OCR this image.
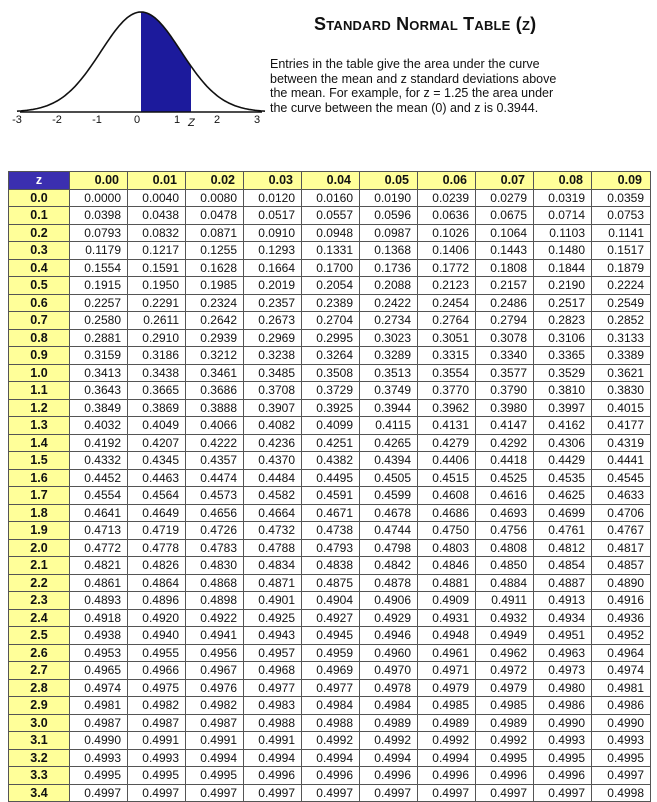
-3	-2	-1	0	1	2	3
Z
Standard Normal Table (z)

Entries in the table give the area under the curve

between the mean and z standard deviations above

the mean. For example, for z = 1.25 the area under

the curve between the mean (0) and z is 0.3944.

z	0.00	0.01	0.02	0.03	0.04	0.05	0.06	0.07	0.08	0.09
0.0	0.0000	0.0040	0.0080	0.0120	0.0160	0.0190	0.0239	0.0279	0.0319	0.0359
0.1	0.0398	0.0438	0.0478	0.0517	0.0557	0.0596	0.0636	0.0675	0.0714	0.0753
0.2	0.0793	0.0832	0.0871	0.0910	0.0948	0.0987	0.1026	0.1064	0.1103	0.1141
0.3	0.1179	0.1217	0.1255	0.1293	0.1331	0.1368	0.1406	0.1443	0.1480	0.1517
0.4	0.1554	0.1591	0.1628	0.1664	0.1700	0.1736	0.1772	0.1808	0.1844	0.1879
0.5	0.1915	0.1950	0.1985	0.2019	0.2054	0.2088	0.2123	0.2157	0.2190	0.2224
0.6	0.2257	0.2291	0.2324	0.2357	0.2389	0.2422	0.2454	0.2486	0.2517	0.2549
0.7	0.2580	0.2611	0.2642	0.2673	0.2704	0.2734	0.2764	0.2794	0.2823	0.2852
0.8	0.2881	0.2910	0.2939	0.2969	0.2995	0.3023	0.3051	0.3078	0.3106	0.3133
0.9	0.3159	0.3186	0.3212	0.3238	0.3264	0.3289	0.3315	0.3340	0.3365	0.3389
1.0	0.3413	0.3438	0.3461	0.3485	0.3508	0.3513	0.3554	0.3577	0.3529	0.3621
1.1	0.3643	0.3665	0.3686	0.3708	0.3729	0.3749	0.3770	0.3790	0.3810	0.3830
1.2	0.3849	0.3869	0.3888	0.3907	0.3925	0.3944	0.3962	0.3980	0.3997	0.4015
1.3	0.4032	0.4049	0.4066	0.4082	0.4099	0.4115	0.4131	0.4147	0.4162	0.4177
1.4	0.4192	0.4207	0.4222	0.4236	0.4251	0.4265	0.4279	0.4292	0.4306	0.4319
1.5	0.4332	0.4345	0.4357	0.4370	0.4382	0.4394	0.4406	0.4418	0.4429	0.4441
1.6	0.4452	0.4463	0.4474	0.4484	0.4495	0.4505	0.4515	0.4525	0.4535	0.4545
1.7	0.4554	0.4564	0.4573	0.4582	0.4591	0.4599	0.4608	0.4616	0.4625	0.4633
1.8	0.4641	0.4649	0.4656	0.4664	0.4671	0.4678	0.4686	0.4693	0.4699	0.4706
1.9	0.4713	0.4719	0.4726	0.4732	0.4738	0.4744	0.4750	0.4756	0.4761	0.4767
2.0	0.4772	0.4778	0.4783	0.4788	0.4793	0.4798	0.4803	0.4808	0.4812	0.4817
2.1	0.4821	0.4826	0.4830	0.4834	0.4838	0.4842	0.4846	0.4850	0.4854	0.4857
2.2	0.4861	0.4864	0.4868	0.4871	0.4875	0.4878	0.4881	0.4884	0.4887	0.4890
2.3	0.4893	0.4896	0.4898	0.4901	0.4904	0.4906	0.4909	0.4911	0.4913	0.4916
2.4	0.4918	0.4920	0.4922	0.4925	0.4927	0.4929	0.4931	0.4932	0.4934	0.4936
2.5	0.4938	0.4940	0.4941	0.4943	0.4945	0.4946	0.4948	0.4949	0.4951	0.4952
2.6	0.4953	0.4955	0.4956	0.4957	0.4959	0.4960	0.4961	0.4962	0.4963	0.4964
2.7	0.4965	0.4966	0.4967	0.4968	0.4969	0.4970	0.4971	0.4972	0.4973	0.4974
2.8	0.4974	0.4975	0.4976	0.4977	0.4977	0.4978	0.4979	0.4979	0.4980	0.4981
2.9	0.4981	0.4982	0.4982	0.4983	0.4984	0.4984	0.4985	0.4985	0.4986	0.4986
3.0	0.4987	0.4987	0.4987	0.4988	0.4988	0.4989	0.4989	0.4989	0.4990	0.4990
3.1	0.4990	0.4991	0.4991	0.4991	0.4992	0.4992	0.4992	0.4992	0.4993	0.4993
3.2	0.4993	0.4993	0.4994	0.4994	0.4994	0.4994	0.4994	0.4995	0.4995	0.4995
3.3	0.4995	0.4995	0.4995	0.4996	0.4996	0.4996	0.4996	0.4996	0.4996	0.4997
3.4	0.4997	0.4997	0.4997	0.4997	0.4997	0.4997	0.4997	0.4997	0.4997	0.4998
